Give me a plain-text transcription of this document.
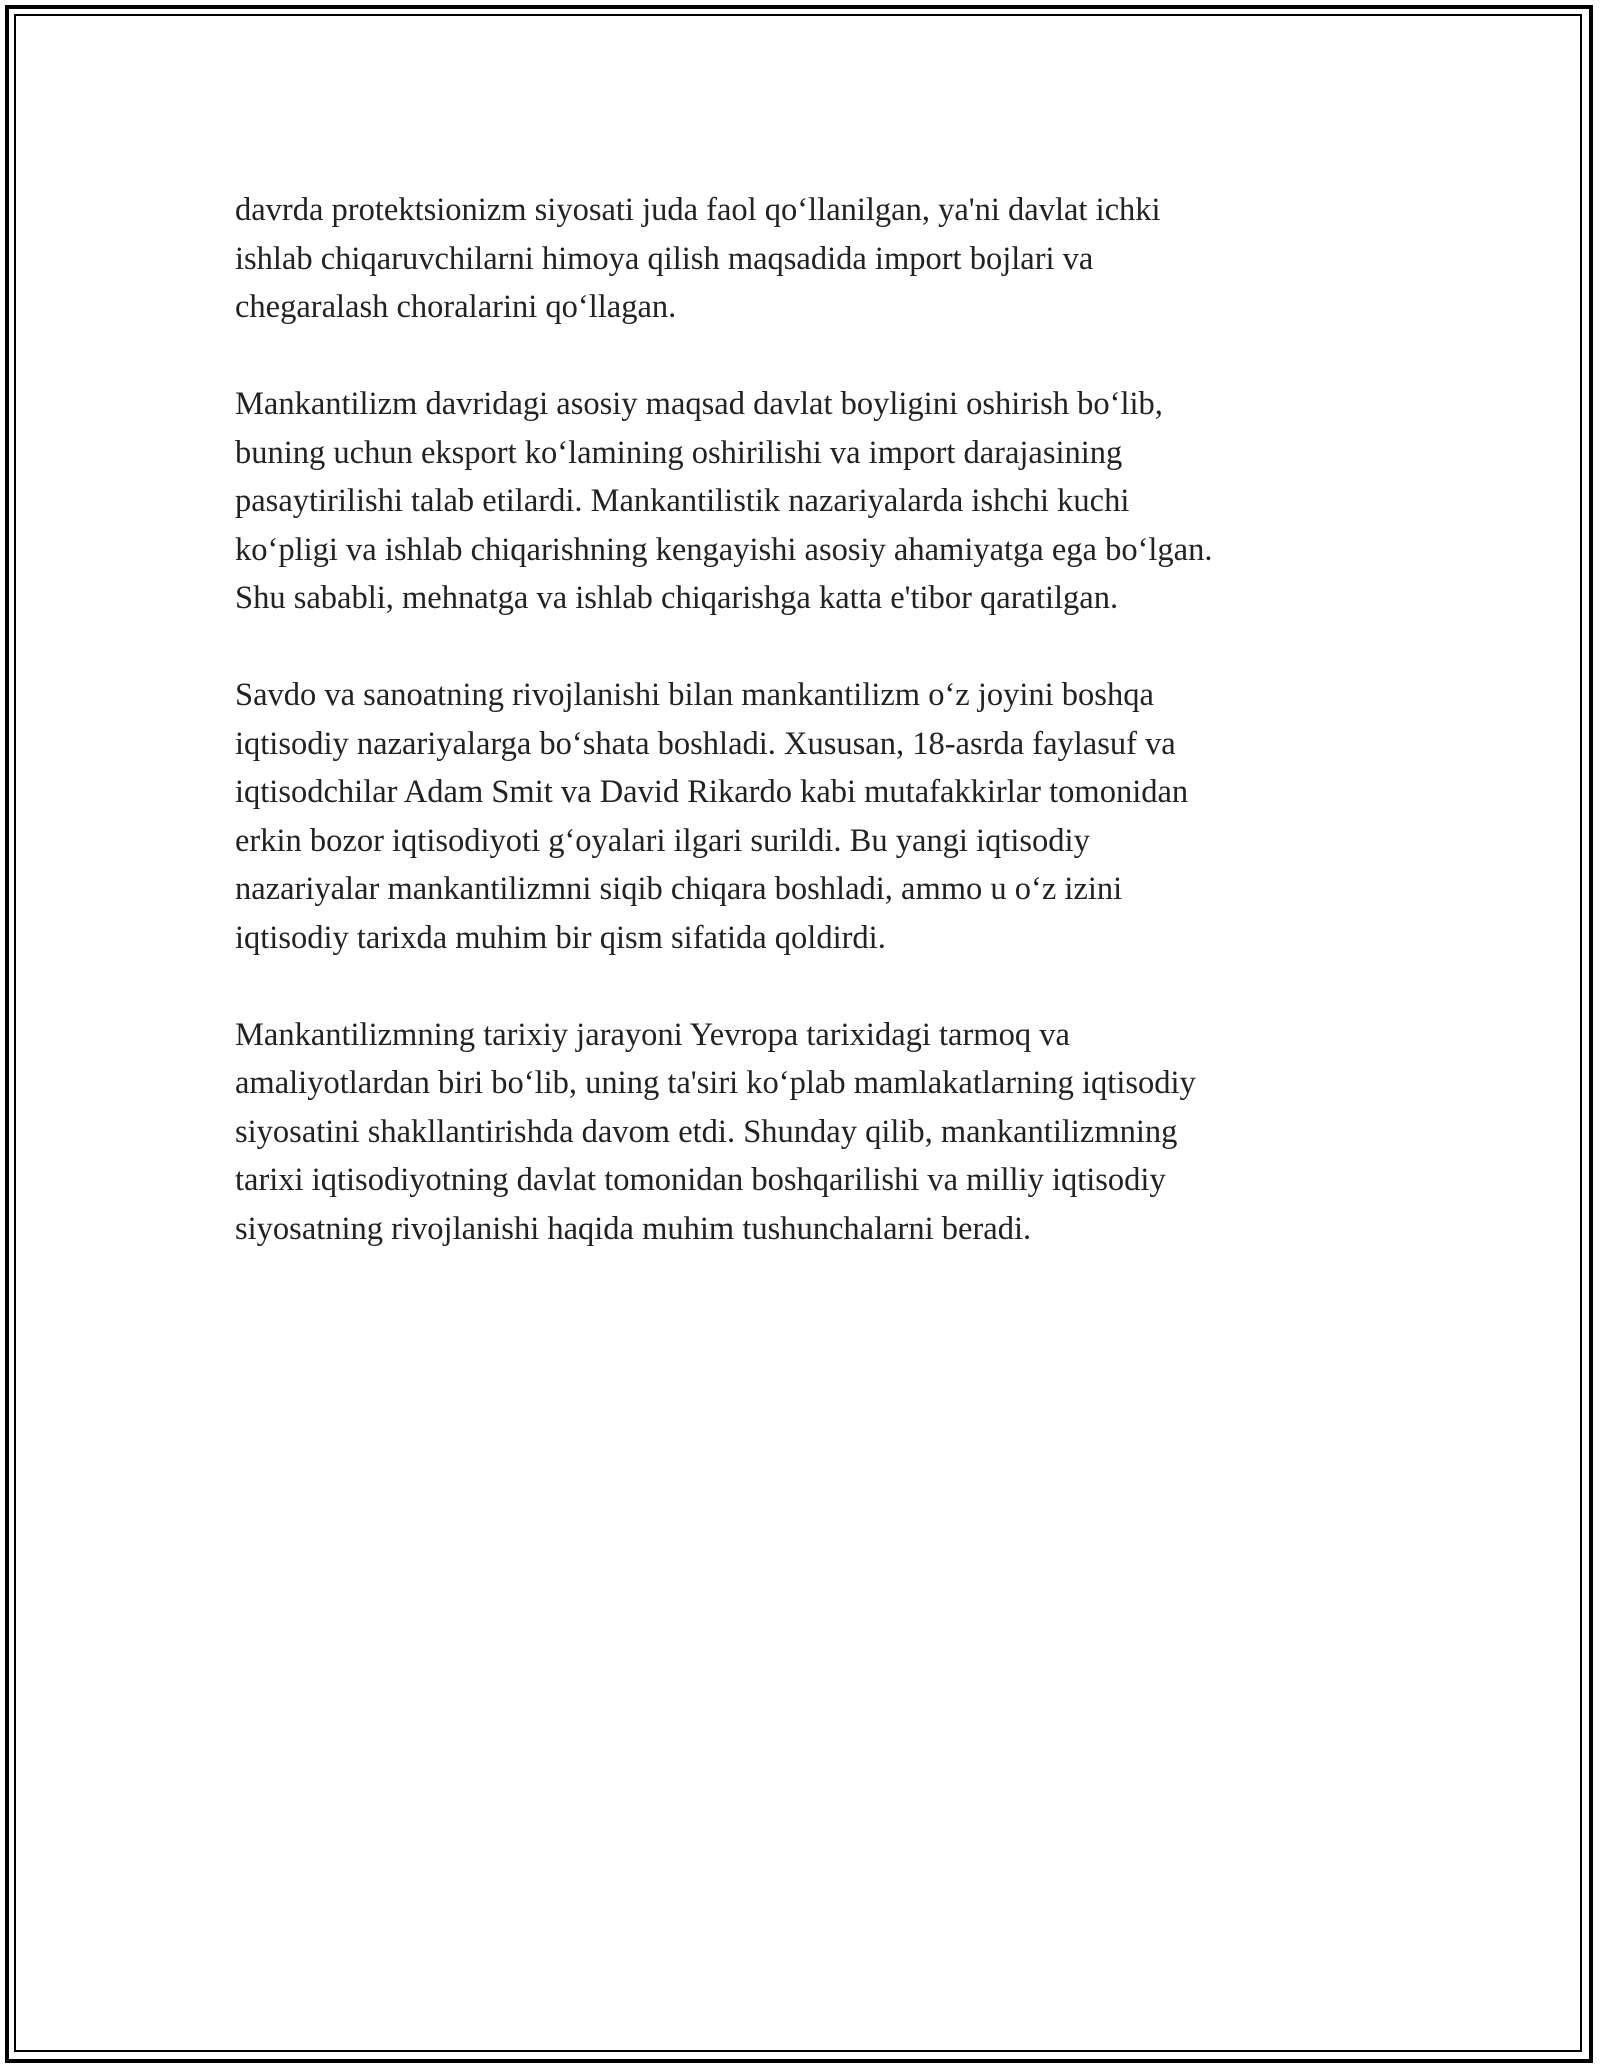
davrda protektsionizm siyosati juda faol qo‘llanilgan, ya'ni davlat ichki
ishlab chiqaruvchilarni himoya qilish maqsadida import bojlari va
chegaralash choralarini qo‘llagan.
Mankantilizm davridagi asosiy maqsad davlat boyligini oshirish bo‘lib,
buning uchun eksport ko‘lamining oshirilishi va import darajasining
pasaytirilishi talab etilardi. Mankantilistik nazariyalarda ishchi kuchi
ko‘pligi va ishlab chiqarishning kengayishi asosiy ahamiyatga ega bo‘lgan.
Shu sababli, mehnatga va ishlab chiqarishga katta e'tibor qaratilgan.
Savdo va sanoatning rivojlanishi bilan mankantilizm o‘z joyini boshqa
iqtisodiy nazariyalarga bo‘shata boshladi. Xususan, 18-asrda faylasuf va
iqtisodchilar Adam Smit va David Rikardo kabi mutafakkirlar tomonidan
erkin bozor iqtisodiyoti g‘oyalari ilgari surildi. Bu yangi iqtisodiy
nazariyalar mankantilizmni siqib chiqara boshladi, ammo u o‘z izini
iqtisodiy tarixda muhim bir qism sifatida qoldirdi.
Mankantilizmning tarixiy jarayoni Yevropa tarixidagi tarmoq va
amaliyotlardan biri bo‘lib, uning ta'siri ko‘plab mamlakatlarning iqtisodiy
siyosatini shakllantirishda davom etdi. Shunday qilib, mankantilizmning
tarixi iqtisodiyotning davlat tomonidan boshqarilishi va milliy iqtisodiy
siyosatning rivojlanishi haqida muhim tushunchalarni beradi.
